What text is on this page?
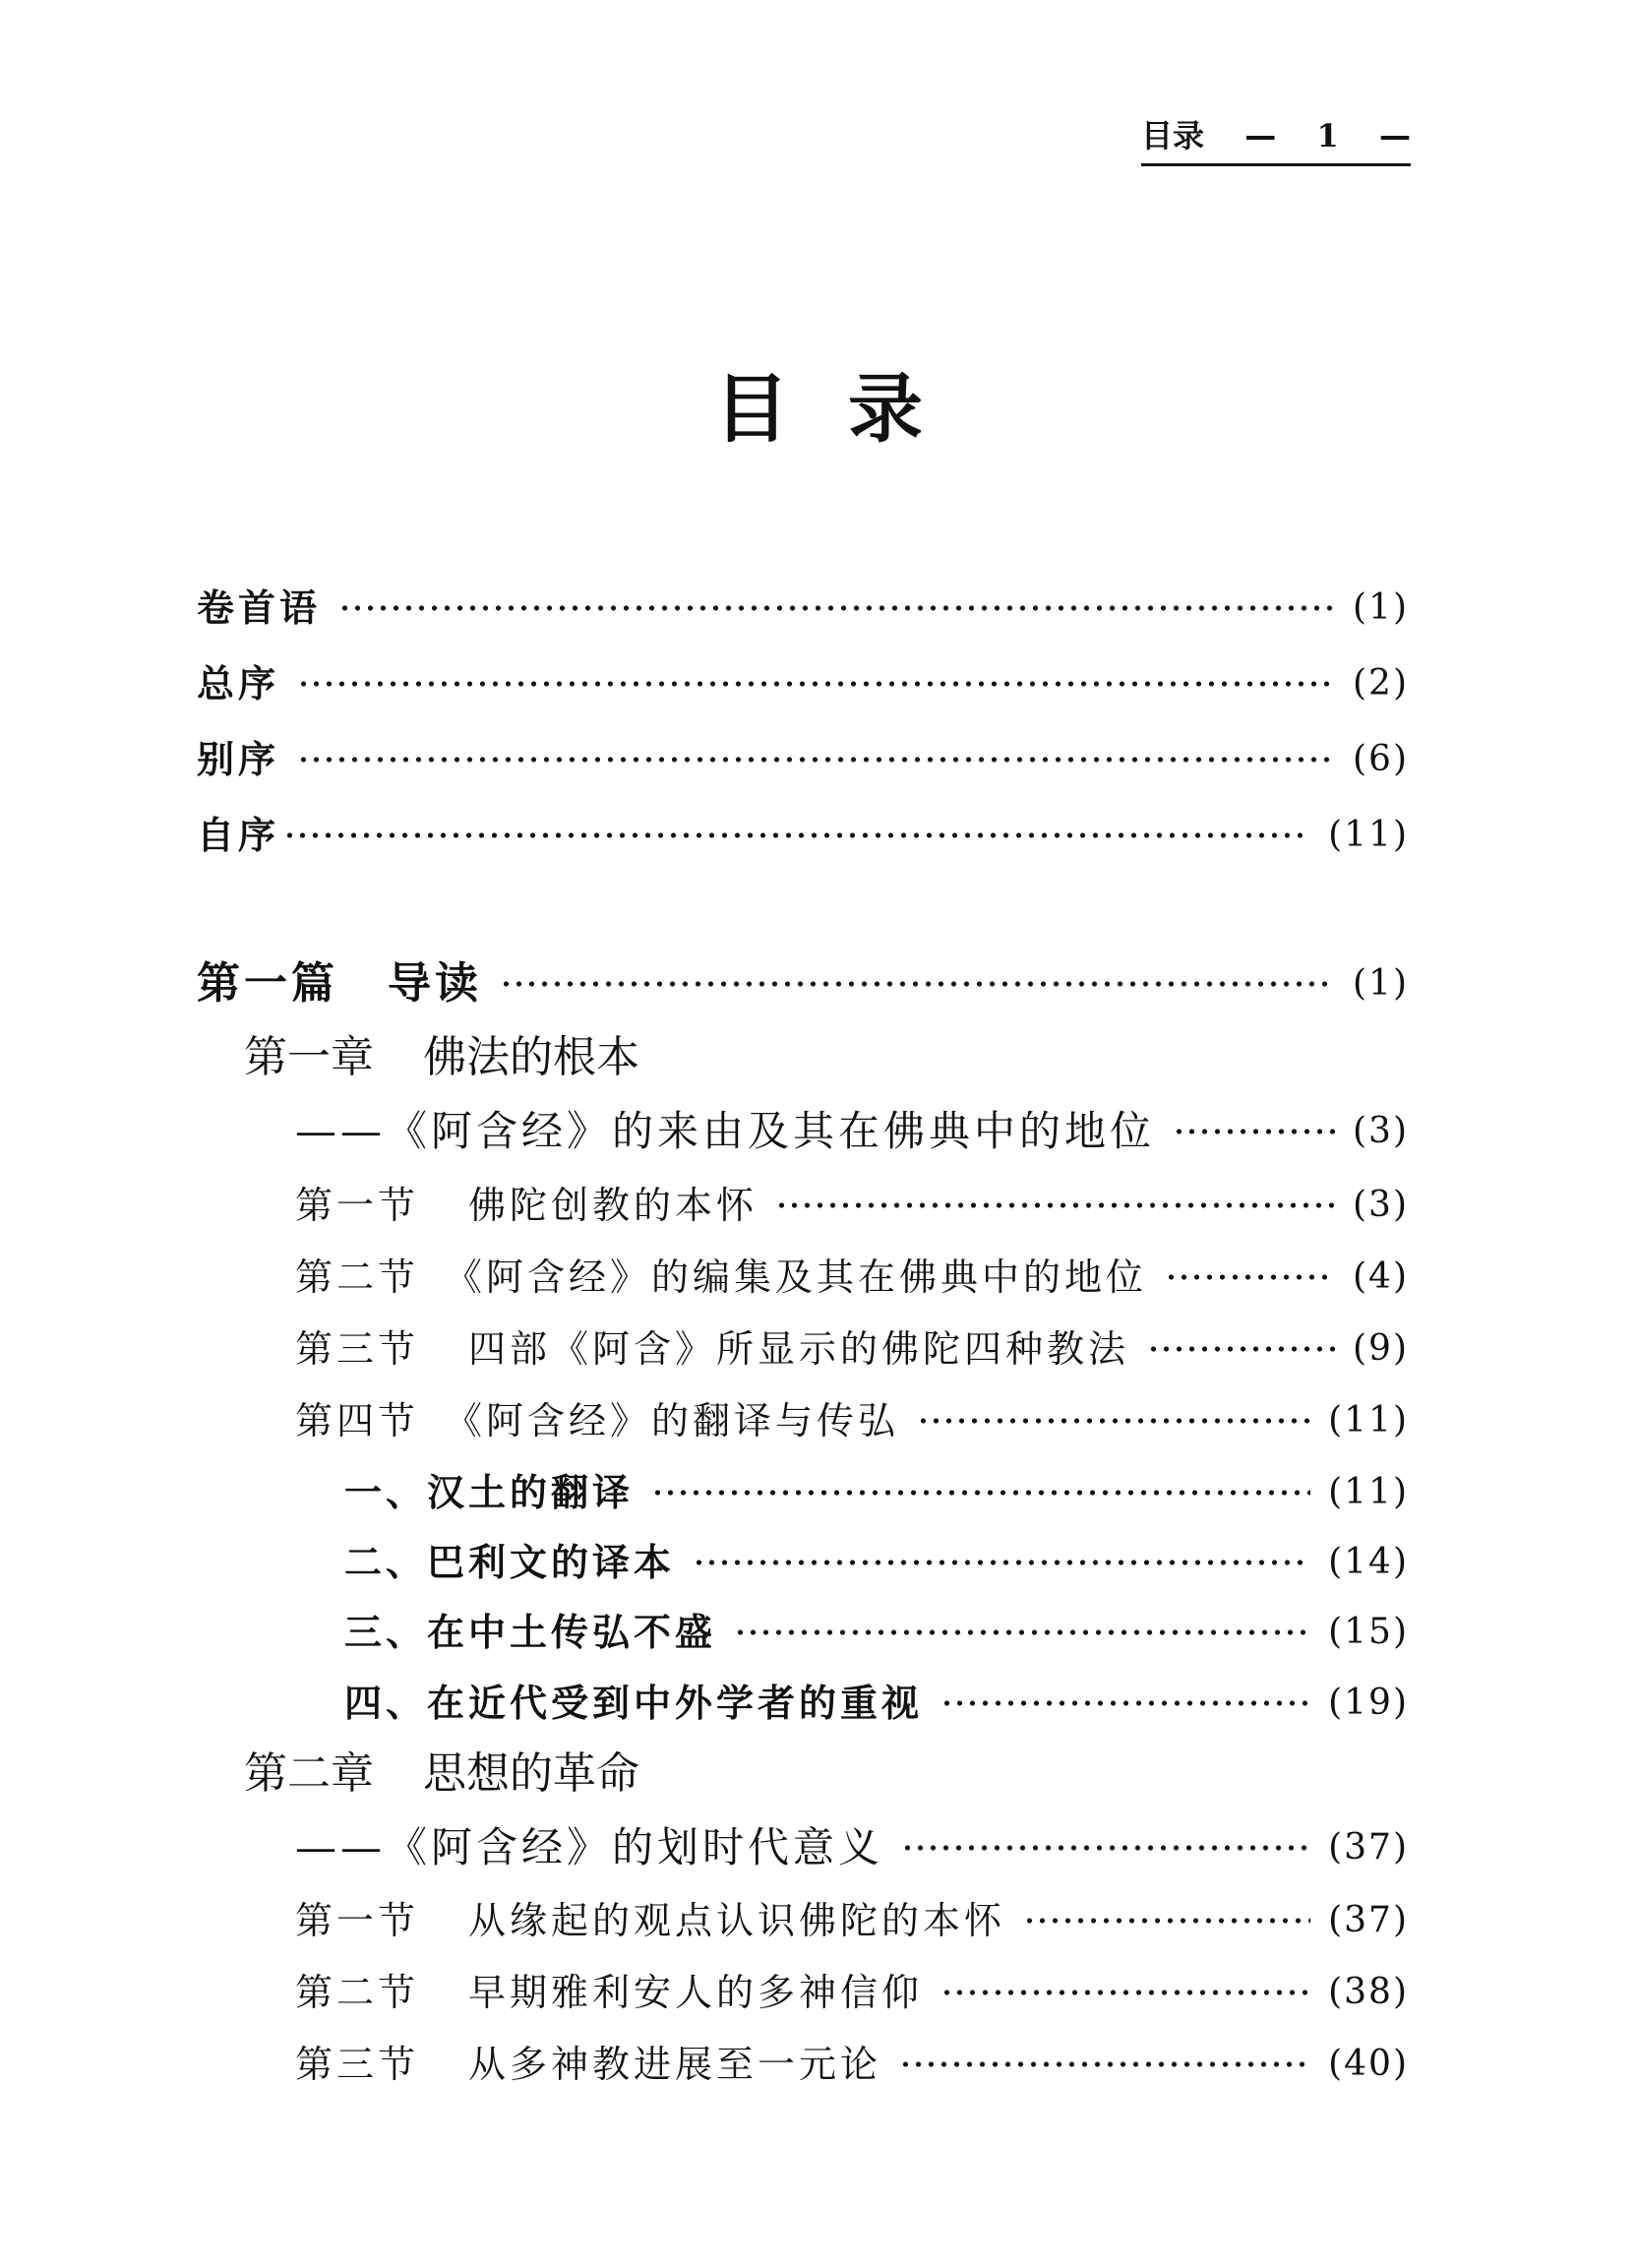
目录 — 1 —
目录
卷首语	(1)
总序	(2)
别序	(6)
自序	(11)
第一篇 导读	(1)
第一章 佛法的根本
——《阿含经》的来由及其在佛典中的地位	(3)
第一节 佛陀创教的本怀	(3)
第二节 《阿含经》的编集及其在佛典中的地位	(4)
第三节 四部《阿含》所显示的佛陀四种教法	(9)
第四节 《阿含经》的翻译与传弘	(11)
一、汉土的翻译	(11)
二、巴利文的译本	(14)
三、在中土传弘不盛	(15)
四、在近代受到中外学者的重视	(19)
第二章 思想的革命
——《阿含经》的划时代意义	(37)
第一节 从缘起的观点认识佛陀的本怀	(37)
第二节 早期雅利安人的多神信仰	(38)
第三节 从多神教进展至一元论	(40)
